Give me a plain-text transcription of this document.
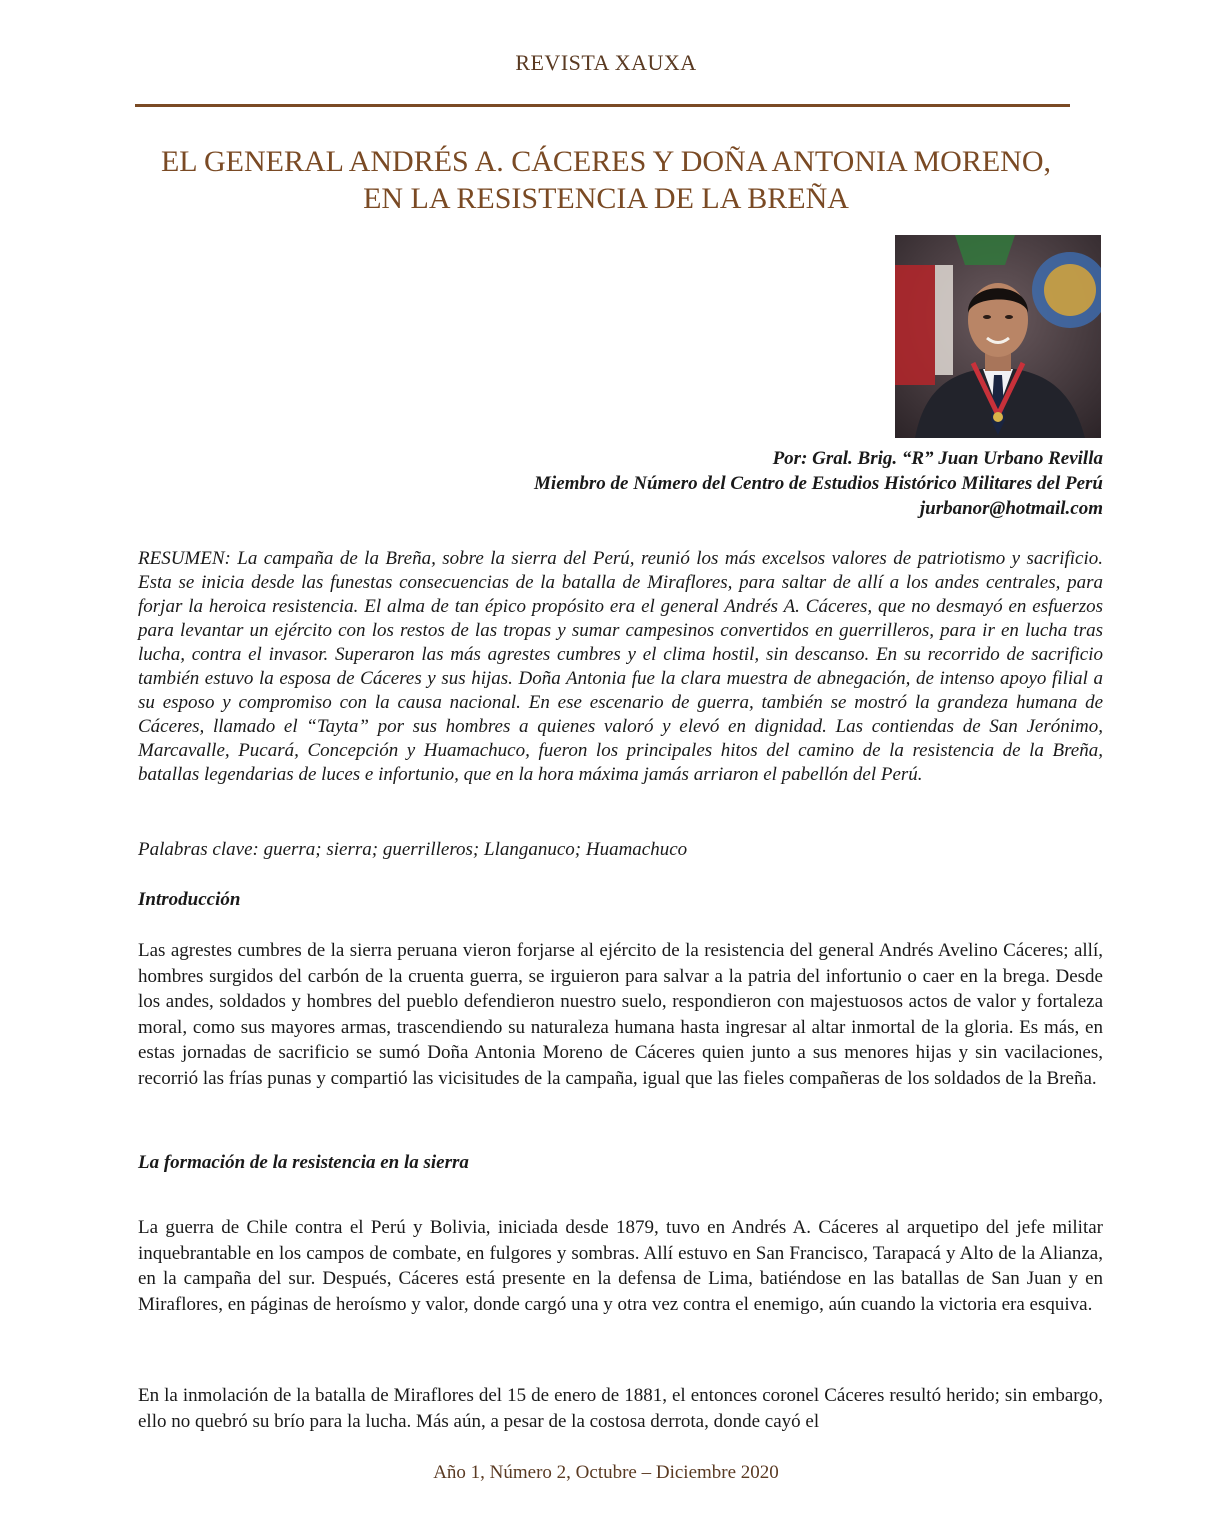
REVISTA XAUXA
EL GENERAL ANDRÉS A. CÁCERES Y DOÑA ANTONIA MORENO,
EN LA RESISTENCIA DE LA BREÑA
Por: Gral. Brig. “R” Juan Urbano Revilla
Miembro de Número del Centro de Estudios Histórico Militares del Perú
jurbanor@hotmail.com

RESUMEN: La campaña de la Breña, sobre la sierra del Perú, reunió los más excelsos valores de patriotismo y sacrificio. Esta se inicia desde las funestas consecuencias de la batalla de Miraflores, para saltar de allí a los andes centrales, para forjar la heroica resistencia. El alma de tan épico propósito era el general Andrés A. Cáceres, que no desmayó en esfuerzos para levantar un ejército con los restos de las tropas y sumar campesinos convertidos en guerrilleros, para ir en lucha tras lucha, contra el invasor. Superaron las más agrestes cumbres y el clima hostil, sin descanso. En su recorrido de sacrificio también estuvo la esposa de Cáceres y sus hijas. Doña Antonia fue la clara muestra de abnegación, de intenso apoyo filial a su esposo y compromiso con la causa nacional. En ese escenario de guerra, también se mostró la grandeza humana de Cáceres, llamado el “Tayta” por sus hombres a quienes valoró y elevó en dignidad. Las contiendas de San Jerónimo, Marcavalle, Pucará, Concepción y Huamachuco, fueron los principales hitos del camino de la resistencia de la Breña, batallas legendarias de luces e infortunio, que en la hora máxima jamás arriaron el pabellón del Perú.

Palabras clave: guerra; sierra; guerrilleros; Llanganuco; Huamachuco
Introducción

Las agrestes cumbres de la sierra peruana vieron forjarse al ejército de la resistencia del general Andrés Avelino Cáceres; allí, hombres surgidos del carbón de la cruenta guerra, se irguieron para salvar a la patria del infortunio o caer en la brega. Desde los andes, soldados y hombres del pueblo defendieron nuestro suelo, respondieron con majestuosos actos de valor y fortaleza moral, como sus mayores armas, trascendiendo su naturaleza humana hasta ingresar al altar inmortal de la gloria. Es más, en estas jornadas de sacrificio se sumó Doña Antonia Moreno de Cáceres quien junto a sus menores hijas y sin vacilaciones, recorrió las frías punas y compartió las vicisitudes de la campaña, igual que las fieles compañeras de los soldados de la Breña.

La formación de la resistencia en la sierra

La guerra de Chile contra el Perú y Bolivia, iniciada desde 1879, tuvo en Andrés A. Cáceres al arquetipo del jefe militar inquebrantable en los campos de combate, en fulgores y sombras. Allí estuvo en San Francisco, Tarapacá y Alto de la Alianza, en la campaña del sur. Después, Cáceres está presente en la defensa de Lima, batiéndose en las batallas de San Juan y en Miraflores, en páginas de heroísmo y valor, donde cargó una y otra vez contra el enemigo, aún cuando la victoria era esquiva.

En la inmolación de la batalla de Miraflores del 15 de enero de 1881, el entonces coronel Cáceres resultó herido; sin embargo, ello no quebró su brío para la lucha. Más aún, a pesar de la costosa derrota, donde cayó el

Año 1, Número 2, Octubre – Diciembre 2020
